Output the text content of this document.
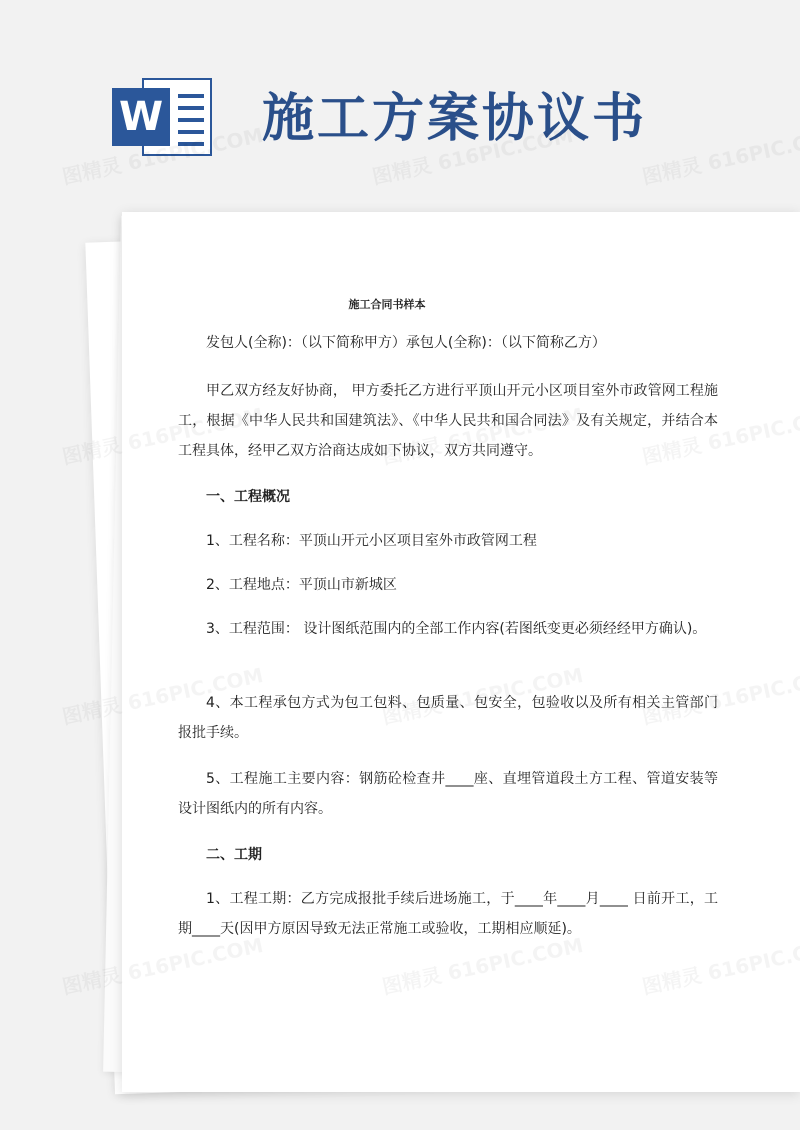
W 施工方案协议书
施工合同书样本
发包人(全称)：（以下简称甲方）承包人(全称)：（以下简称乙方）
甲乙双方经友好协商， 甲方委托乙方进行平顶山开元小区项目室外市政管网工程施工，根据《中华人民共和国建筑法》、《中华人民共和国合同法》及有关规定，并结合本工程具体，经甲乙双方洽商达成如下协议，双方共同遵守。
一、工程概况
1、工程名称：平顶山开元小区项目室外市政管网工程
2、工程地点：平顶山市新城区
3、工程范围： 设计图纸范围内的全部工作内容(若图纸变更必须经经甲方确认)。
4、本工程承包方式为包工包料、包质量、包安全，包验收以及所有相关主管部门报批手续。
5、工程施工主要内容：钢筋砼检查井____座、直埋管道段土方工程、管道安装等设计图纸内的所有内容。
二、工期
1、工程工期：乙方完成报批手续后进场施工，于____年____月____ 日前开工，工期____天(因甲方原因导致无法正常施工或验收，工期相应顺延)。
